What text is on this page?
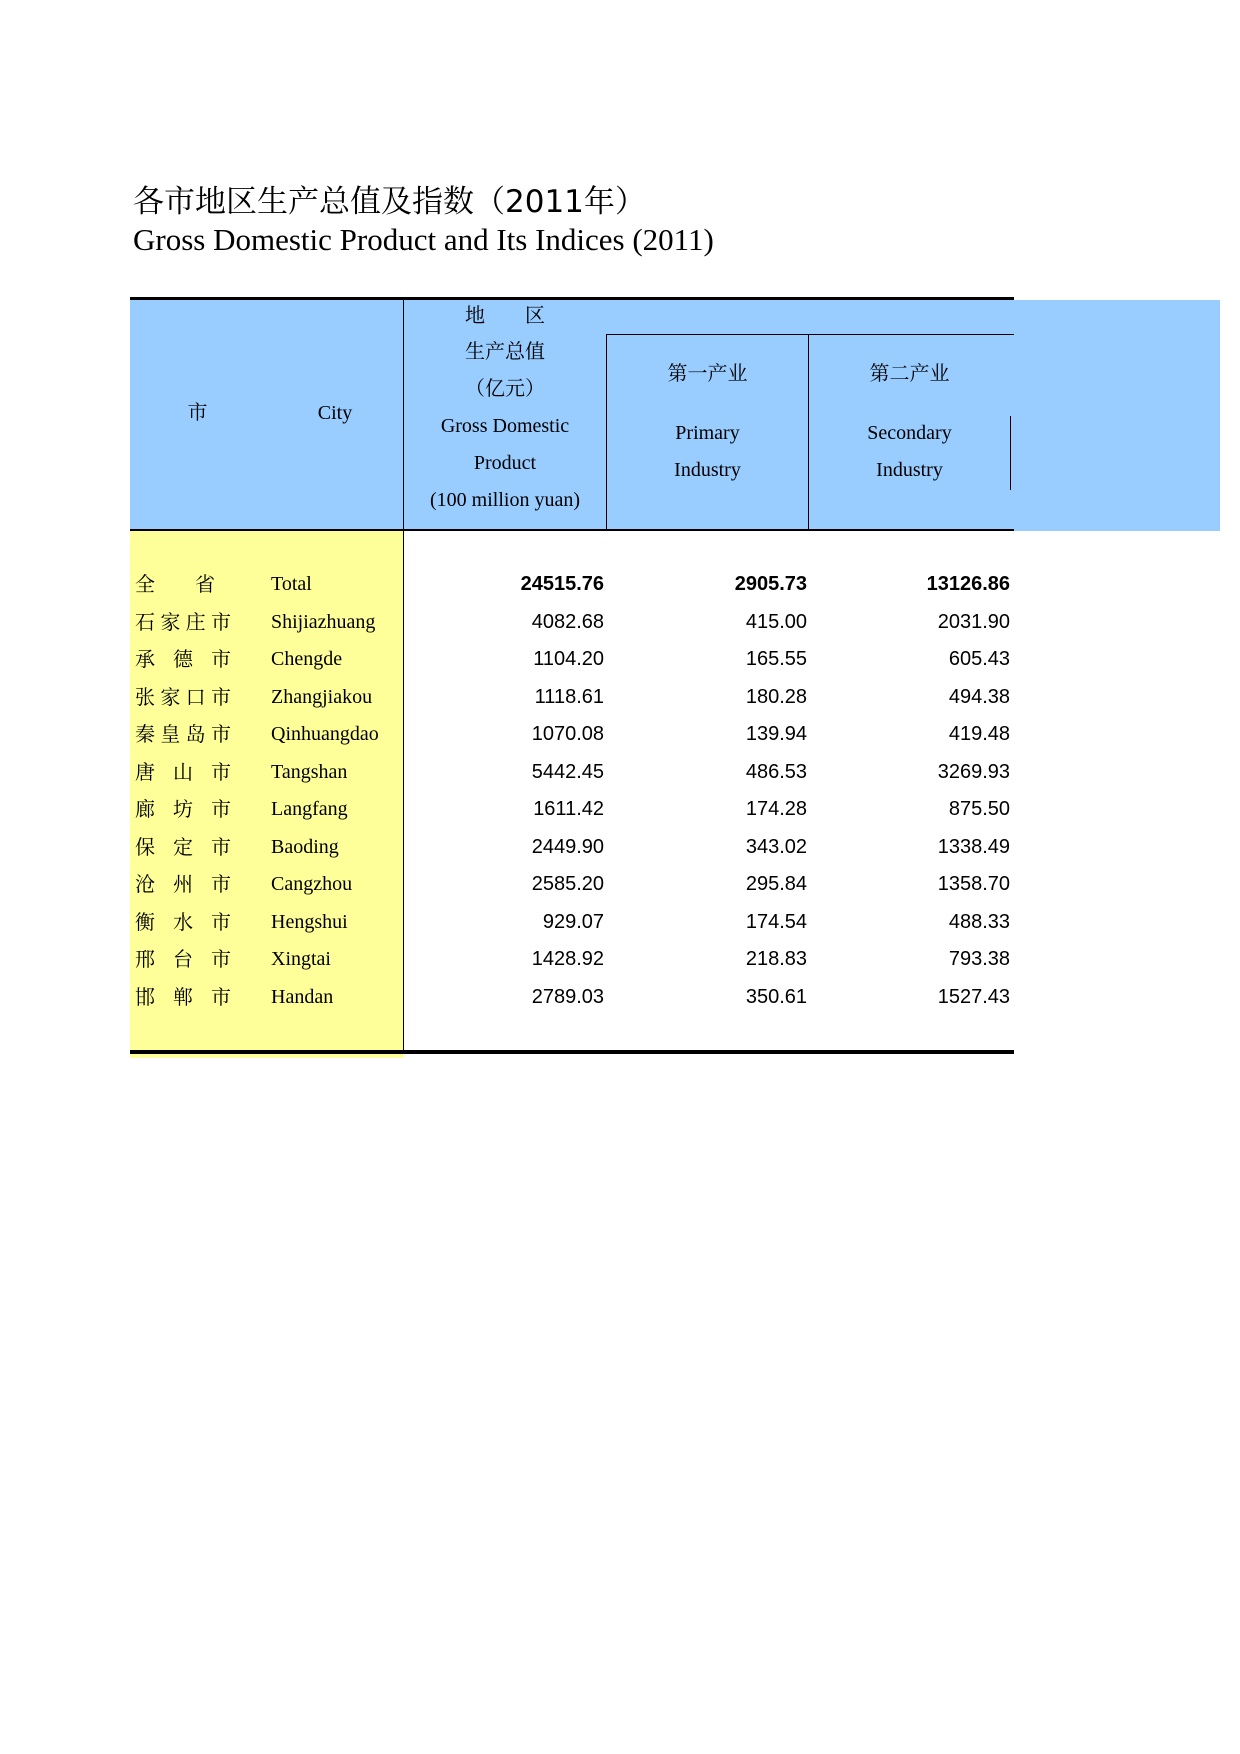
各市地区生产总值及指数（2011年）
Gross Domestic Product and Its Indices (2011)
市	City
地　　区
生产总值
（亿元）
Gross Domestic
Product
(100 million yuan)
第一产业
Primary
Industry
第二产业
Secondary
Industry
全 省	Total	24515.76	2905.73	13126.86
石 家 庄 市 Shijiazhuang	4082.68	415.00	2031.90
承 德 市 Chengde	1104.20	165.55	605.43
张 家 口 市 Zhangjiakou	1118.61	180.28	494.38
秦 皇 岛 市 Qinhuangdao	1070.08	139.94	419.48
唐 山 市 Tangshan	5442.45	486.53	3269.93
廊 坊 市 Langfang	1611.42	174.28	875.50
保 定 市 Baoding	2449.90	343.02	1338.49
沧 州 市 Cangzhou	2585.20	295.84	1358.70
衡 水 市 Hengshui	929.07	174.54	488.33
邢 台 市 Xingtai	1428.92	218.83	793.38
邯 郸 市 Handan	2789.03	350.61	1527.43
